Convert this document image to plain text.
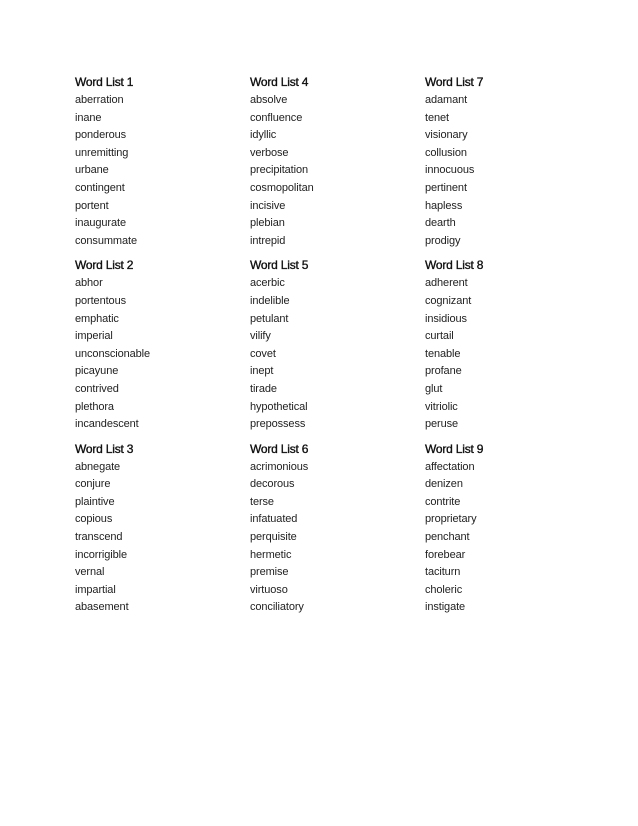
Word List 1
aberration
inane
ponderous
unremitting
urbane
contingent
portent
inaugurate
consummate
Word List 4
absolve
confluence
idyllic
verbose
precipitation
cosmopolitan
incisive
plebian
intrepid
Word List 7
adamant
tenet
visionary
collusion
innocuous
pertinent
hapless
dearth
prodigy
Word List 2
abhor
portentous
emphatic
imperial
unconscionable
picayune
contrived
plethora
incandescent
Word List 5
acerbic
indelible
petulant
vilify
covet
inept
tirade
hypothetical
prepossess
Word List 8
adherent
cognizant
insidious
curtail
tenable
profane
glut
vitriolic
peruse
Word List 3
abnegate
conjure
plaintive
copious
transcend
incorrigible
vernal
impartial
abasement
Word List 6
acrimonious
decorous
terse
infatuated
perquisite
hermetic
premise
virtuoso
conciliatory
Word List 9
affectation
denizen
contrite
proprietary
penchant
forebear
taciturn
choleric
instigate
